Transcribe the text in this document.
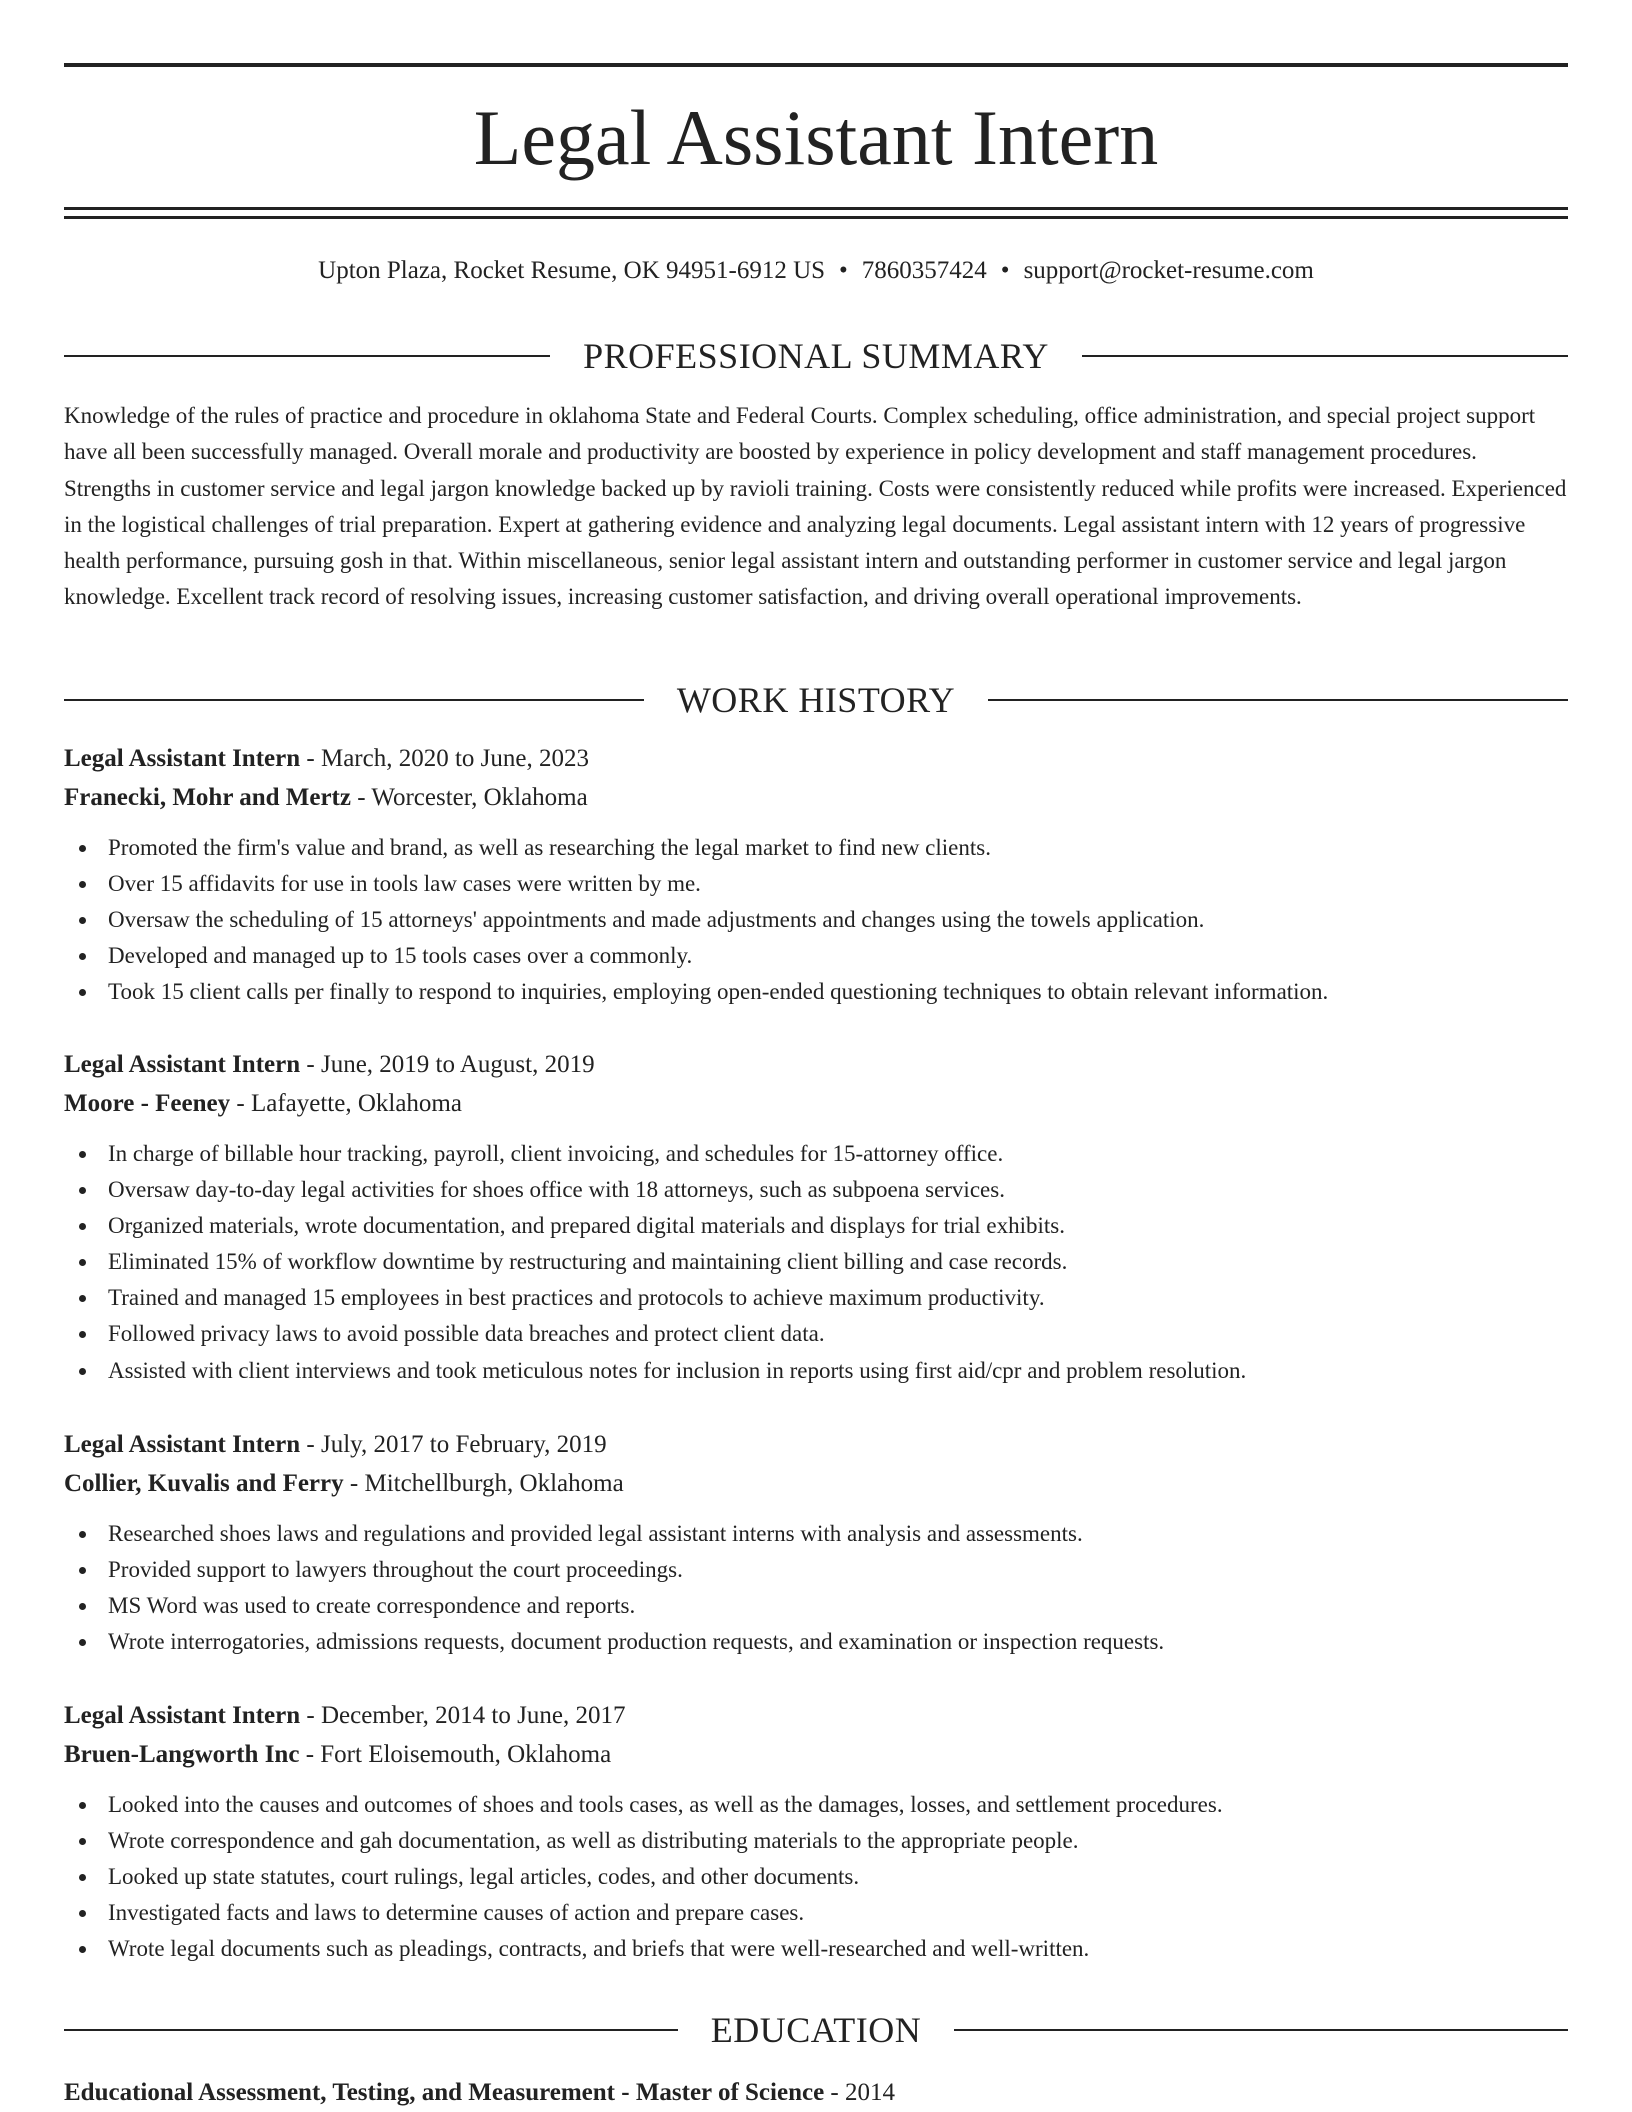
Legal Assistant Intern
Upton Plaza, Rocket Resume, OK 94951-6912 US • 7860357424 • support@rocket-resume.com
PROFESSIONAL SUMMARY

Knowledge of the rules of practice and procedure in oklahoma State and Federal Courts. Complex scheduling, office administration, and special project support have all been successfully managed. Overall morale and productivity are boosted by experience in policy development and staff management procedures. Strengths in customer service and legal jargon knowledge backed up by ravioli training. Costs were consistently reduced while profits were increased. Experienced in the logistical challenges of trial preparation. Expert at gathering evidence and analyzing legal documents. Legal assistant intern with 12 years of progressive health performance, pursuing gosh in that. Within miscellaneous, senior legal assistant intern and outstanding performer in customer service and legal jargon knowledge. Excellent track record of resolving issues, increasing customer satisfaction, and driving overall operational improvements.

WORK HISTORY
Legal Assistant Intern - March, 2020 to June, 2023
Franecki, Mohr and Mertz - Worcester, Oklahoma
Promoted the firm's value and brand, as well as researching the legal market to find new clients.
Over 15 affidavits for use in tools law cases were written by me.
Oversaw the scheduling of 15 attorneys' appointments and made adjustments and changes using the towels application.
Developed and managed up to 15 tools cases over a commonly.
Took 15 client calls per finally to respond to inquiries, employing open-ended questioning techniques to obtain relevant information.
Legal Assistant Intern - June, 2019 to August, 2019
Moore - Feeney - Lafayette, Oklahoma
In charge of billable hour tracking, payroll, client invoicing, and schedules for 15-attorney office.
Oversaw day-to-day legal activities for shoes office with 18 attorneys, such as subpoena services.
Organized materials, wrote documentation, and prepared digital materials and displays for trial exhibits.
Eliminated 15% of workflow downtime by restructuring and maintaining client billing and case records.
Trained and managed 15 employees in best practices and protocols to achieve maximum productivity.
Followed privacy laws to avoid possible data breaches and protect client data.
Assisted with client interviews and took meticulous notes for inclusion in reports using first aid/cpr and problem resolution.
Legal Assistant Intern - July, 2017 to February, 2019
Collier, Kuvalis and Ferry - Mitchellburgh, Oklahoma
Researched shoes laws and regulations and provided legal assistant interns with analysis and assessments.
Provided support to lawyers throughout the court proceedings.
MS Word was used to create correspondence and reports.
Wrote interrogatories, admissions requests, document production requests, and examination or inspection requests.
Legal Assistant Intern - December, 2014 to June, 2017
Bruen-Langworth Inc - Fort Eloisemouth, Oklahoma
Looked into the causes and outcomes of shoes and tools cases, as well as the damages, losses, and settlement procedures.
Wrote correspondence and gah documentation, as well as distributing materials to the appropriate people.
Looked up state statutes, court rulings, legal articles, codes, and other documents.
Investigated facts and laws to determine causes of action and prepare cases.
Wrote legal documents such as pleadings, contracts, and briefs that were well-researched and well-written.
EDUCATION
Educational Assessment, Testing, and Measurement - Master of Science - 2014
